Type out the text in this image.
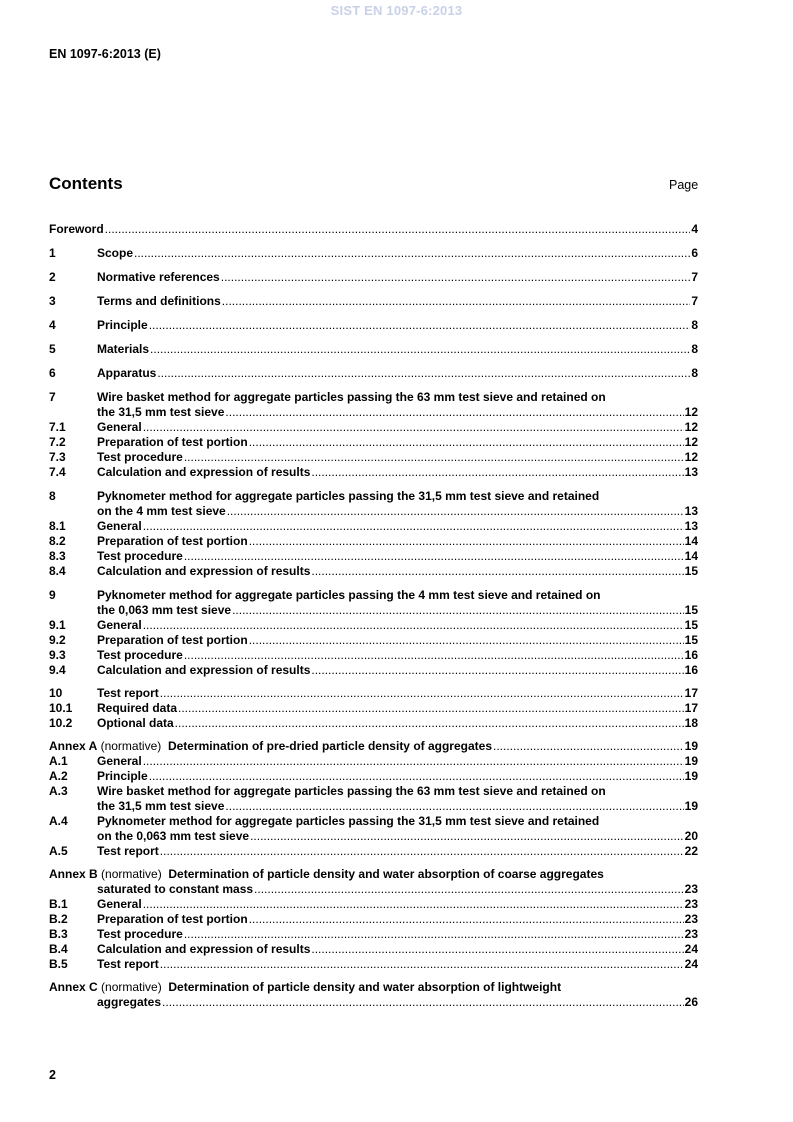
SIST EN 1097-6:2013
EN 1097-6:2013 (E)
Contents	Page
Foreword .....	4
1	Scope .....	6
2	Normative references .....	7
3	Terms and definitions .....	7
4	Principle .....	8
5	Materials .....	8
6	Apparatus .....	8
7	Wire basket method for aggregate particles passing the 63 mm test sieve and retained on
the 31,5 mm test sieve .....	12
7.1	General .....	12
7.2	Preparation of test portion .....	12
7.3	Test procedure .....	12
7.4	Calculation and expression of results .....	13
8	Pyknometer method for aggregate particles passing the 31,5 mm test sieve and retained
on the 4 mm test sieve .....	13
8.1	General .....	13
8.2	Preparation of test portion .....	14
8.3	Test procedure .....	14
8.4	Calculation and expression of results .....	15
9	Pyknometer method for aggregate particles passing the 4 mm test sieve and retained on
the 0,063 mm test sieve .....	15
9.1	General .....	15
9.2	Preparation of test portion .....	15
9.3	Test procedure .....	16
9.4	Calculation and expression of results .....	16
10	Test report .....	17
10.1	Required data .....	17
10.2	Optional data .....	18
Annex A
(normative)
Determination of pre-dried particle density of aggregates .....	19
A.1	General .....	19
A.2	Principle .....	19
A.3	Wire basket method for aggregate particles passing the 63 mm test sieve and retained on
the 31,5 mm test sieve .....	19
A.4	Pyknometer method for aggregate particles passing the 31,5 mm test sieve and retained
on the 0,063 mm test sieve .....	20
A.5	Test report .....	22
Annex B
(normative)
Determination of particle density and water absorption of coarse aggregates
saturated to constant mass .....	23
B.1	General .....	23
B.2	Preparation of test portion .....	23
B.3	Test procedure .....	23
B.4	Calculation and expression of results .....	24
B.5	Test report .....	24
Annex C
(normative)
Determination of particle density and water absorption of lightweight
aggregates .....	26
2
